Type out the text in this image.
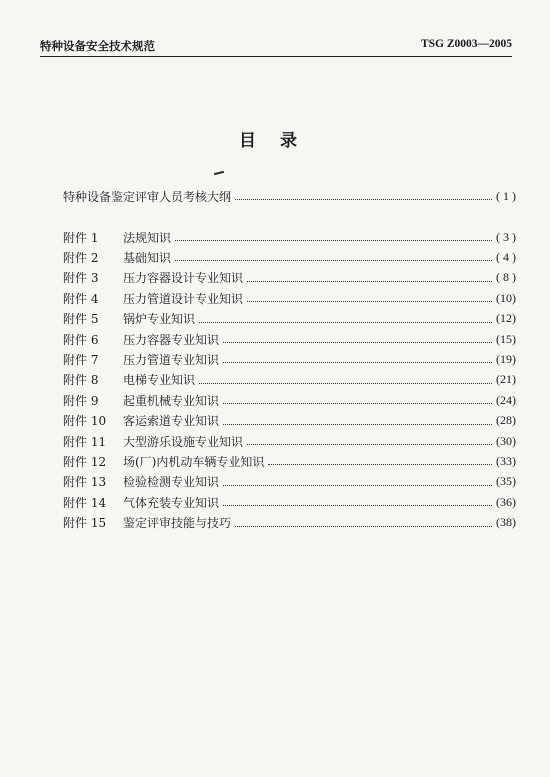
特种设备安全技术规范	TSG Z0003—2005
目录
特种设备鉴定评审人员考核大纲	( 1 )
附件 1	法规知识	( 3 )
附件 2	基础知识	( 4 )
附件 3	压力容器设计专业知识	( 8 )
附件 4	压力管道设计专业知识	(10)
附件 5	锅炉专业知识	(12)
附件 6	压力容器专业知识	(15)
附件 7	压力管道专业知识	(19)
附件 8	电梯专业知识	(21)
附件 9	起重机械专业知识	(24)
附件 10	客运索道专业知识	(28)
附件 11	大型游乐设施专业知识	(30)
附件 12	场(厂)内机动车辆专业知识	(33)
附件 13	检验检测专业知识	(35)
附件 14	气体充装专业知识	(36)
附件 15	鉴定评审技能与技巧	(38)
